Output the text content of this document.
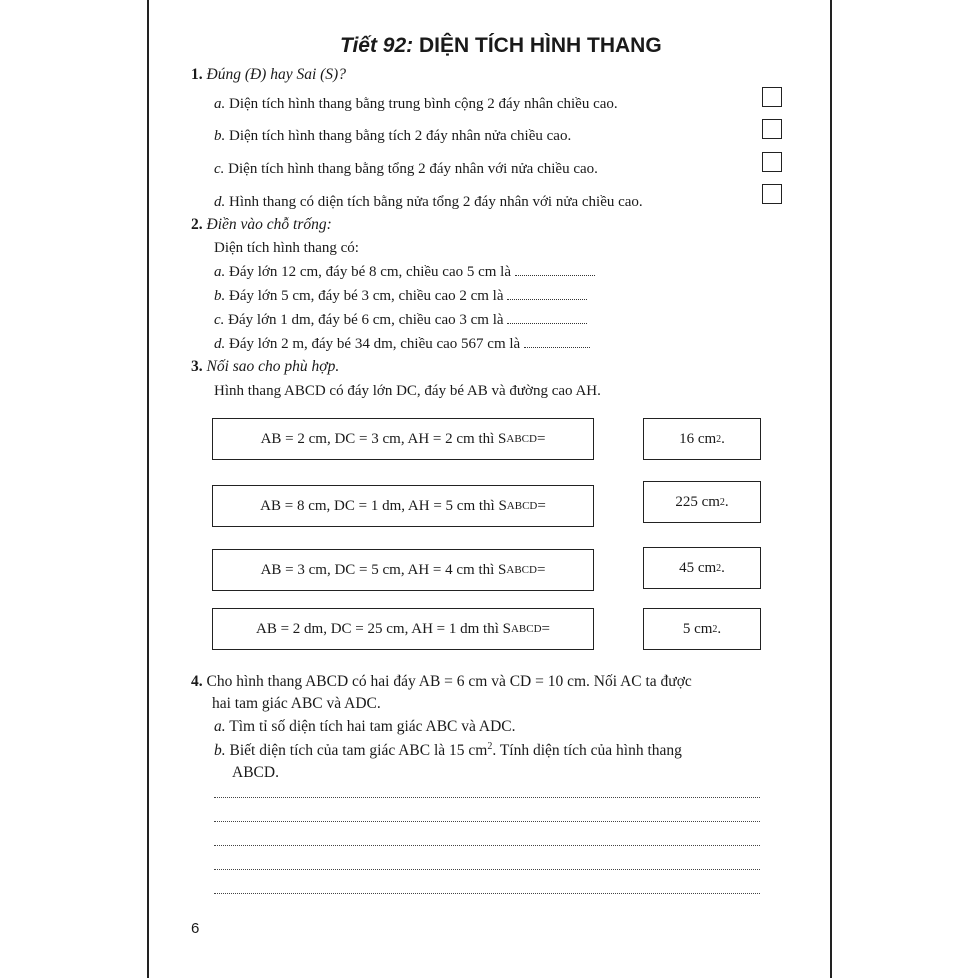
Tiết 92: DIỆN TÍCH HÌNH THANG
1. Đúng (Đ) hay Sai (S)?
a. Diện tích hình thang bằng trung bình cộng 2 đáy nhân chiều cao.
b. Diện tích hình thang bằng tích 2 đáy nhân nửa chiều cao.
c. Diện tích hình thang bằng tổng 2 đáy nhân với nửa chiều cao.
d. Hình thang có diện tích bằng nửa tổng 2 đáy nhân với nửa chiều cao.
2. Điền vào chỗ trống:
Diện tích hình thang có:
a. Đáy lớn 12 cm, đáy bé 8 cm, chiều cao 5 cm là
b. Đáy lớn 5 cm, đáy bé 3 cm, chiều cao 2 cm là
c. Đáy lớn 1 dm, đáy bé 6 cm, chiều cao 3 cm là
d. Đáy lớn 2 m, đáy bé 34 dm, chiều cao 567 cm là
3. Nối sao cho phù hợp.
Hình thang ABCD có đáy lớn DC, đáy bé AB và đường cao AH.
AB = 2 cm, DC = 3 cm, AH = 2 cm thì S ABCD =
AB = 8 cm, DC = 1 dm, AH = 5 cm thì S ABCD =
AB = 3 cm, DC = 5 cm, AH = 4 cm thì S ABCD =
AB = 2 dm, DC = 25 cm, AH = 1 dm thì S ABCD =
16 cm 2 .
225 cm 2 .
45 cm 2 .
5 cm 2 .
4. Cho hình thang ABCD có hai đáy AB = 6 cm và CD = 10 cm. Nối AC ta được
hai tam giác ABC và ADC.
a. Tìm tỉ số diện tích hai tam giác ABC và ADC.
b. Biết diện tích của tam giác ABC là 15 $cm^2$. Tính diện tích của hình thang
ABCD.
6
